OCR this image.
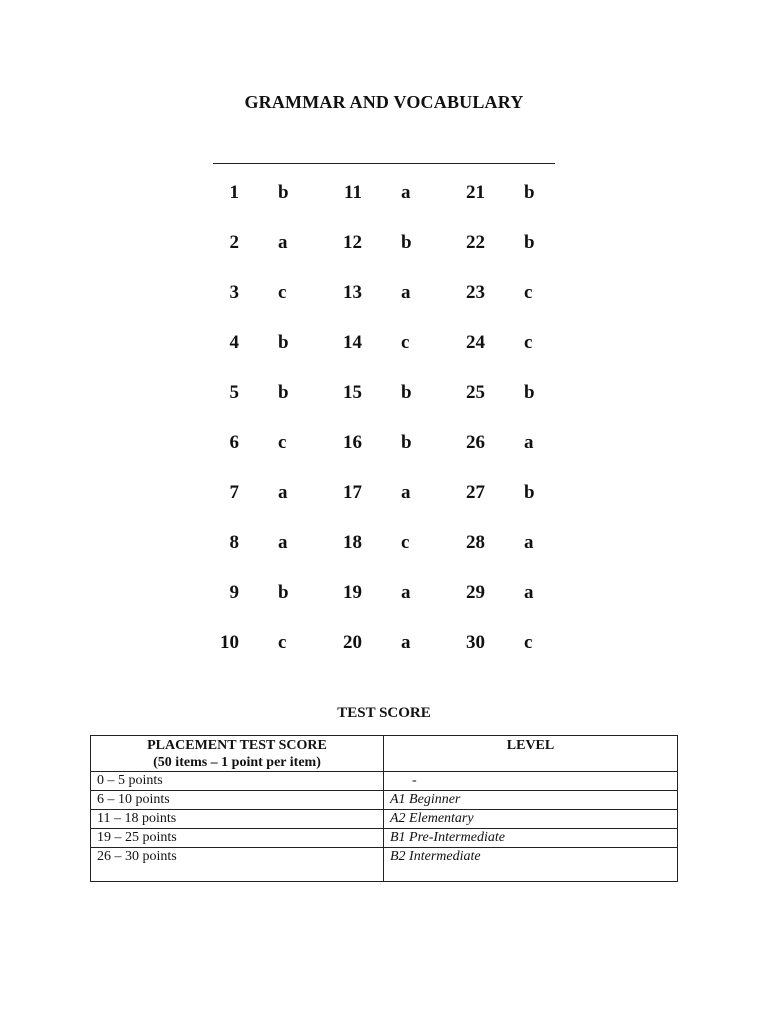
GRAMMAR AND VOCABULARY
1 b	11 a	21 b
2 a	12 b	22 b
3 c	13 a	23 c
4 b	14 c	24 c
5 b	15 b	25 b
6 c	16 b	26 a
7 a	17 a	27 b
8 a	18 c	28 a
9 b	19 a	29 a
10 c	20 a	30 c
TEST SCORE
PLACEMENT TEST SCORE
(50 items – 1 point per item)	LEVEL
0 – 5 points	-
6 – 10 points	A1 Beginner
11 – 18 points	A2 Elementary
19 – 25 points	B1 Pre-Intermediate
26 – 30 points	B2 Intermediate
